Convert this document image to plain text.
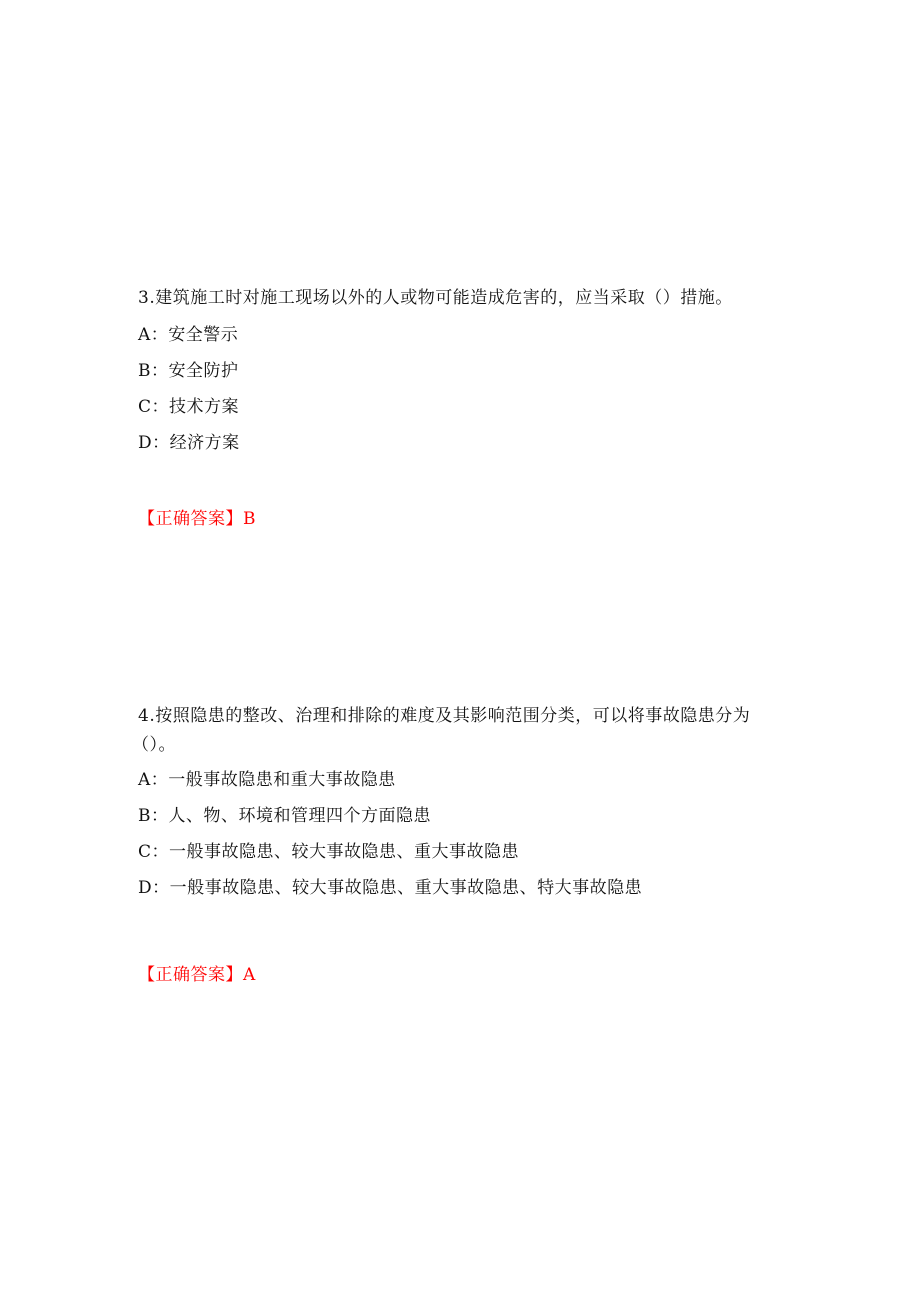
3.建筑施工时对施工现场以外的人或物可能造成危害的，应当采取（）措施。

A：安全警示
B：安全防护
C：技术方案
D：经济方案
【正确答案】B

4.按照隐患的整改、治理和排除的难度及其影响范围分类，可以将事故隐患分为

（）。

A：一般事故隐患和重大事故隐患
B：人、物、环境和管理四个方面隐患
C：一般事故隐患、较大事故隐患、重大事故隐患
D：一般事故隐患、较大事故隐患、重大事故隐患、特大事故隐患
【正确答案】A
